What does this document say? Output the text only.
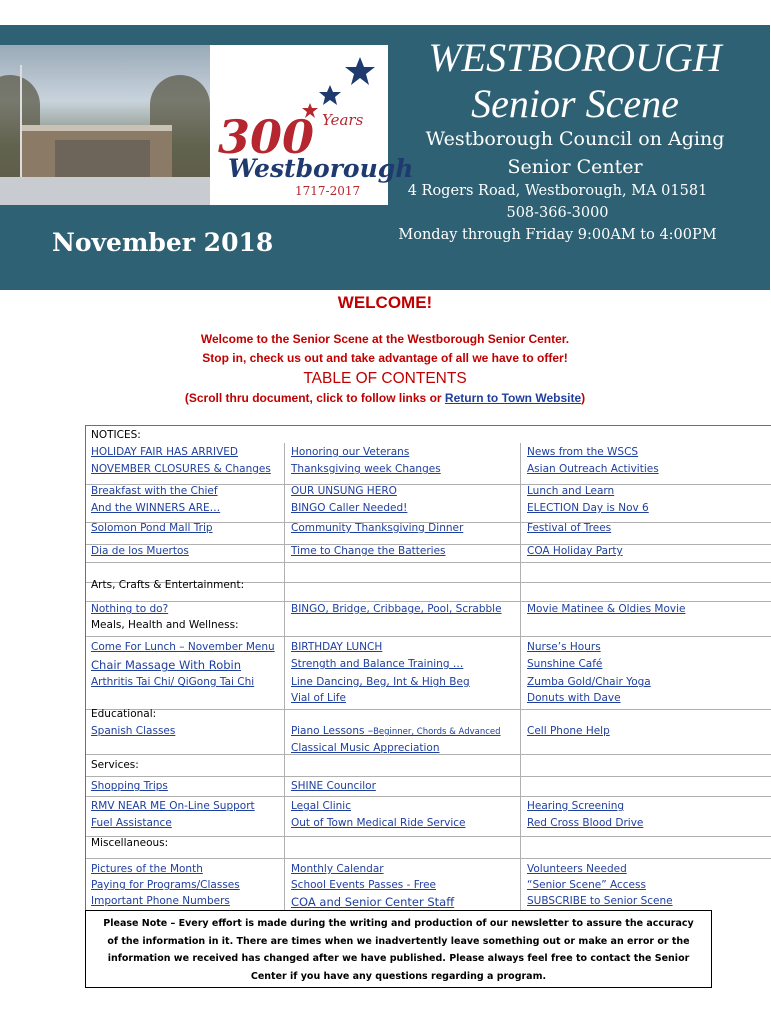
300 Years
Westborough
1717-2017
November 2018
WESTBOROUGH
Senior Scene
Westborough Council on Aging
Senior Center
4 Rogers Road, Westborough, MA 01581
508-366-3000
Monday through Friday 9:00AM to 4:00PM
WELCOME!
Welcome to the Senior Scene at the Westborough Senior Center.
Stop in, check us out and take advantage of all we have to offer!
TABLE OF CONTENTS
(Scroll thru document, click to follow links or Return to Town Website)
NOTICES:
Arts, Crafts & Entertainment:
Meals, Health and Wellness:
Educational:
Services:
Miscellaneous:
HOLIDAY FAIR HAS ARRIVED
NOVEMBER CLOSURES & Changes
Breakfast with the Chief
And the WINNERS ARE…
Solomon Pond Mall Trip
Dia de los Muertos
Nothing to do?
Come For Lunch – November Menu
Chair Massage With Robin
Arthritis Tai Chi/ QiGong Tai Chi
Spanish Classes
Shopping Trips
RMV NEAR ME On-Line Support
Fuel Assistance
Pictures of the Month
Paying for Programs/Classes
Important Phone Numbers
Honoring our Veterans
Thanksgiving week Changes
OUR UNSUNG HERO
BINGO Caller Needed!
Community Thanksgiving Dinner
Time to Change the Batteries
BINGO, Bridge, Cribbage, Pool, Scrabble
BIRTHDAY LUNCH
Strength and Balance Training …
Line Dancing, Beg, Int & High Beg
Vial of Life
Piano Lessons –Beginner, Chords & Advanced
Classical Music Appreciation
SHINE Councilor
Legal Clinic
Out of Town Medical Ride Service
Monthly Calendar
School Events Passes - Free
COA and Senior Center Staff
News from the WSCS
Asian Outreach Activities
Lunch and Learn
ELECTION Day is Nov 6
Festival of Trees
COA Holiday Party
Movie Matinee & Oldies Movie
Nurse’s Hours
Sunshine Café
Zumba Gold/Chair Yoga
Donuts with Dave
Cell Phone Help
Hearing Screening
Red Cross Blood Drive
Volunteers Needed
“Senior Scene” Access
SUBSCRIBE to Senior Scene
Please Note – Every effort is made during the writing and production of our newsletter to assure the accuracy
of the information in it. There are times when we inadvertently leave something out or make an error or the
information we received has changed after we have published. Please always feel free to contact the Senior
Center if you have any questions regarding a program.
